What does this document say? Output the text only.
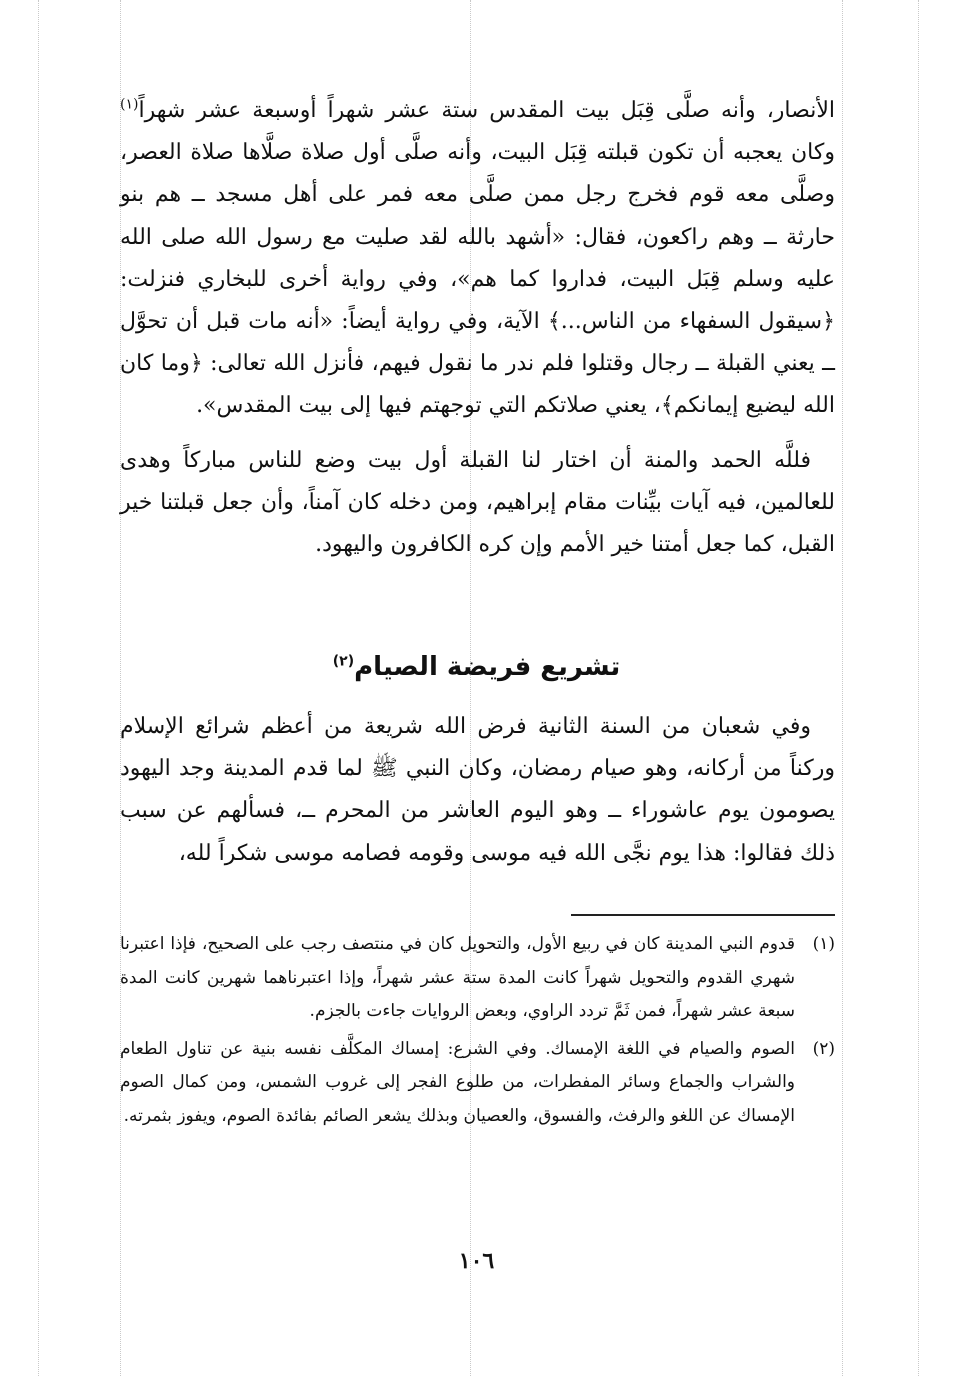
الأنصار، وأنه صلَّى قِبَل بيت المقدس ستة عشر شهراً أوسبعة عشر شهراً$^{(١)}$ وكان يعجبه أن تكون قبلته قِبَل البيت، وأنه صلَّى أول صلاة صلَّاها صلاة العصر، وصلَّى معه قوم فخرج رجل ممن صلَّى معه فمر على أهل مسجد ــ هم بنو حارثة ــ وهم راكعون، فقال: «أشهد بالله لقد صليت مع رسول الله صلى الله عليه وسلم قِبَل البيت، فداروا كما هم»، وفي رواية أخرى للبخاري فنزلت: ﴿سيقول السفهاء من الناس...﴾ الآية، وفي رواية أيضاً: «أنه مات قبل أن تحوَّل ــ يعني القبلة ــ رجال وقتلوا فلم ندر ما نقول فيهم، فأنزل الله تعالى: ﴿وما كان الله ليضيع إيمانكم﴾، يعني صلاتكم التي توجهتم فيها إلى بيت المقدس».

فللَّه الحمد والمنة أن اختار لنا القبلة أول بيت وضع للناس مباركاً وهدى للعالمين، فيه آيات بيِّنات مقام إبراهيم، ومن دخله كان آمناً، وأن جعل قبلتنا خير القبل، كما جعل أمتنا خير الأمم وإن كره الكافرون واليهود.

تشريع فريضة الصيام$^{(٢)}$

وفي شعبان من السنة الثانية فرض الله شريعة من أعظم شرائع الإسلام وركناً من أركانه، وهو صيام رمضان، وكان النبي ﷺ لما قدم المدينة وجد اليهود يصومون يوم عاشوراء ــ وهو اليوم العاشر من المحرم ــ، فسألهم عن سبب ذلك فقالوا: هذا يوم نجَّى الله فيه موسى وقومه فصامه موسى شكراً لله،

(١)
قدوم النبي المدينة كان في ربيع الأول، والتحويل كان في منتصف رجب على الصحيح، فإذا اعتبرنا شهري القدوم والتحويل شهراً كانت المدة ستة عشر شهراً، وإذا اعتبرناهما شهرين كانت المدة سبعة عشر شهراً، فمن ثَمَّ تردد الراوي، وبعض الروايات جاءت بالجزم.
(٢)
الصوم والصيام في اللغة الإمساك. وفي الشرع: إمساك المكلَّف نفسه بنية عن تناول الطعام والشراب والجماع وسائر المفطرات، من طلوع الفجر إلى غروب الشمس، ومن كمال الصوم الإمساك عن اللغو والرفث، والفسوق، والعصيان وبذلك يشعر الصائم بفائدة الصوم، ويفوز بثمرته.
١٠٦
